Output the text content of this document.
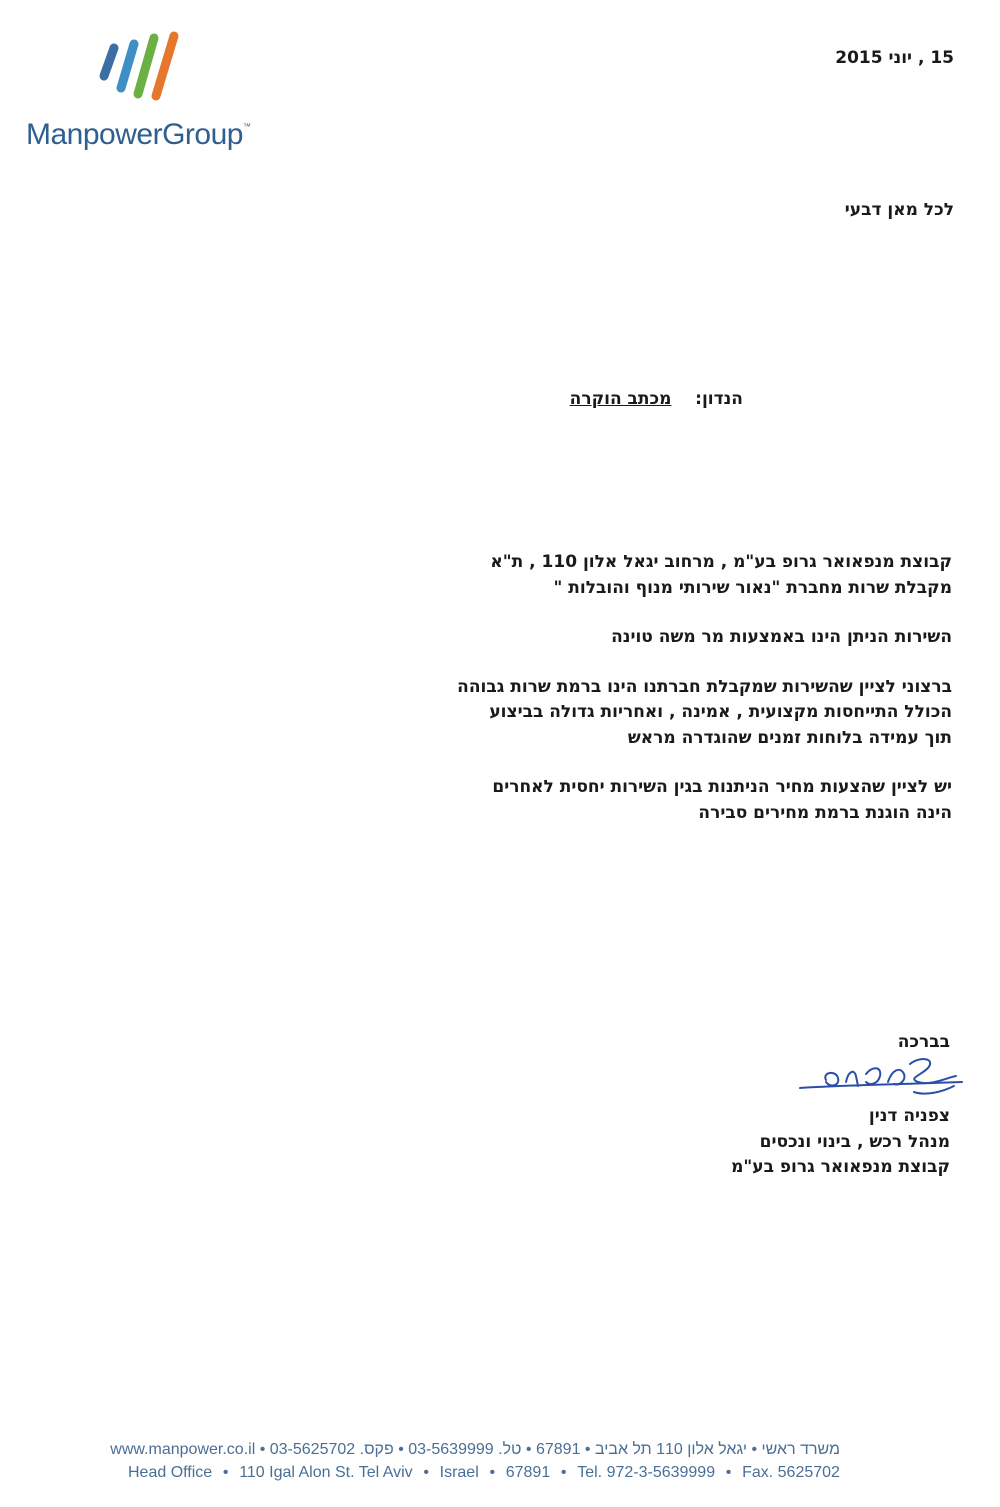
ManpowerGroup™
15 , יוני 2015
לכל מאן דבעי
הנדון:    מכתב הוקרה

קבוצת מנפאואר גרופ בע"מ , מרחוב יגאל אלון 110 , ת"א
מקבלת שרות מחברת "נאור שירותי מנוף והובלות "

השירות הניתן הינו באמצעות מר משה טוינה

ברצוני לציין שהשירות שמקבלת חברתנו הינו ברמת שרות גבוהה
הכולל התייחסות מקצועית , אמינה , ואחריות גדולה בביצוע
תוך עמידה בלוחות זמנים שהוגדרה מראש

יש לציין שהצעות מחיר הניתנות בגין השירות יחסית לאחרים
הינה הוגנת ברמת מחירים סבירה

בברכה
צפניה דנין
מנהל רכש , בינוי ונכסים
קבוצת מנפאואר גרופ בע"מ
משרד ראשי • יגאל אלון 110 תל אביב • 67891 • טל. 03-5639999 • פקס. 03-5625702 • www.manpower.co.il
Head Office • 110 Igal Alon St. Tel Aviv • Israel • 67891 • Tel. 972-3-5639999 • Fax. 5625702
